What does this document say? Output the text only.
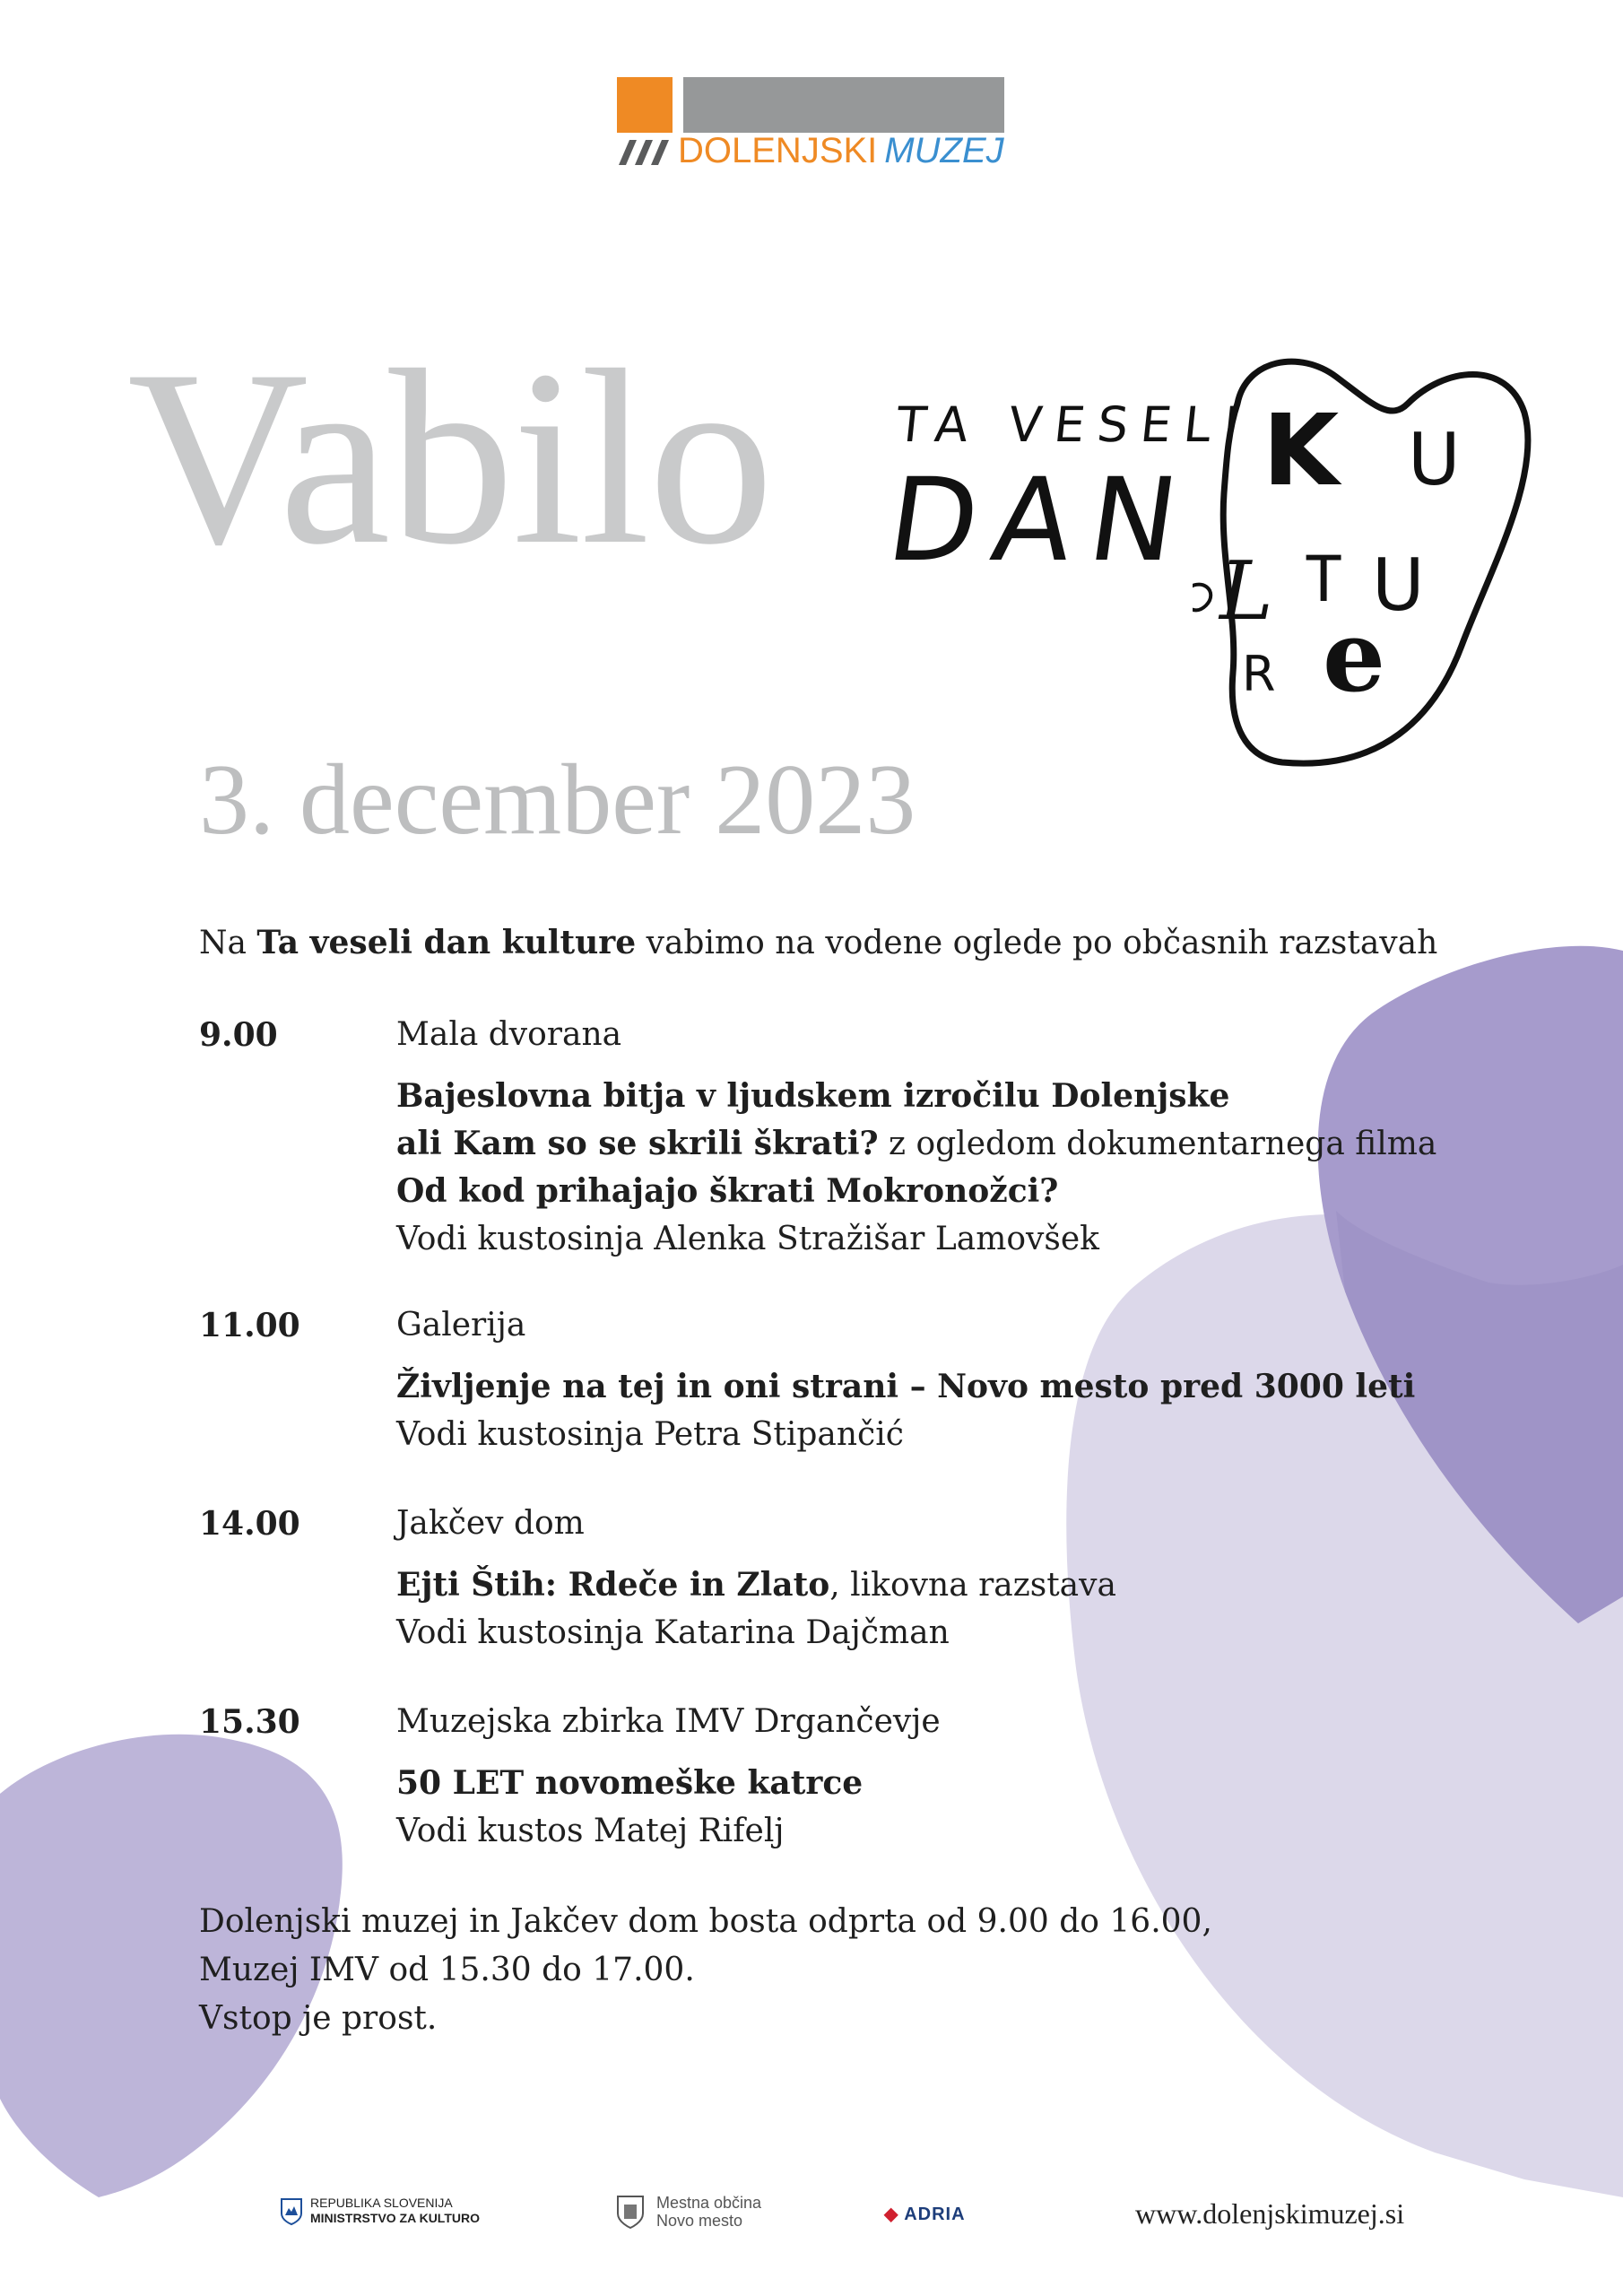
DOLENJSKI MUZEJ
Vabilo	TA VESELI
DAN
K U
L T U
R e
3. december 2023
Na Ta veseli dan kulture vabimo na vodene oglede po občasnih razstavah
9.00	Mala dvorana
Bajeslovna bitja v ljudskem izročilu Dolenjske
ali Kam so se skrili škrati? z ogledom dokumentarnega filma
Od kod prihajajo škrati Mokronožci?
Vodi kustosinja Alenka Stražišar Lamovšek
11.00	Galerija
Življenje na tej in oni strani – Novo mesto pred 3000 leti
Vodi kustosinja Petra Stipančić
14.00	Jakčev dom
Ejti Štih: Rdeče in Zlato, likovna razstava
Vodi kustosinja Katarina Dajčman
15.30	Muzejska zbirka IMV Drgančevje
50 LET novomeške katrce
Vodi kustos Matej Rifelj
Dolenjski muzej in Jakčev dom bosta odprta od 9.00 do 16.00,
Muzej IMV od 15.30 do 17.00.
Vstop je prost.
REPUBLIKA SLOVENIJA
MINISTRSTVO ZA KULTURO
Mestna občina
Novo mesto	◆ ADRIA	www.dolenjskimuzej.si
